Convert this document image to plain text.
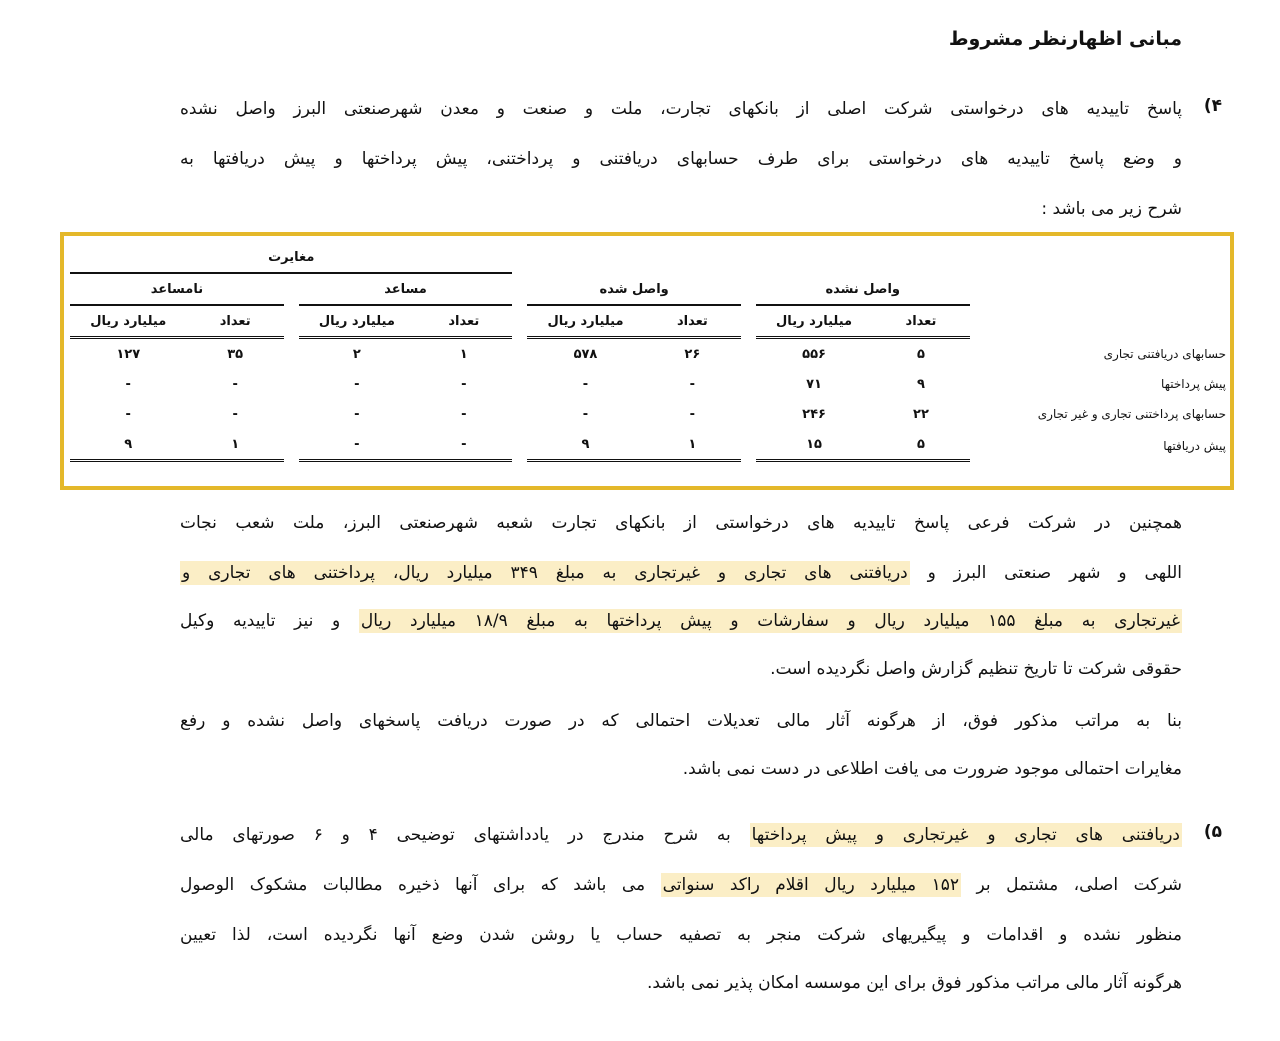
مبانی اظهارنظر مشروط
۴)
پاسخ تاییدیه های درخواستی شرکت اصلی از بانکهای تجارت، ملت و صنعت و معدن شهرصنعتی البرز واصل نشده
و وضع پاسخ تاییدیه های درخواستی برای طرف حسابهای دریافتنی و پرداختنی، پیش پرداختها و پیش دریافتها به
شرح زیر می باشد :
							مغایرت				
	واصل نشده			واصل شده			مساعد			نامساعد	
	تعداد	میلیارد ریال		تعداد	میلیارد ریال		تعداد	میلیارد ریال		تعداد	میلیارد ریال
حسابهای دریافتنی تجاری	۵	۵۵۶		۲۶	۵۷۸		۱	۲		۳۵	۱۲۷
پیش پرداختها	۹	۷۱		-	-		-	-		-	-
حسابهای پرداختنی تجاری و غیر تجاری	۲۲	۲۴۶		-	-		-	-		-	-
پیش دریافتها	۵	۱۵		۱	۹		-	-		۱	۹
همچنین در شرکت فرعی پاسخ تاییدیه های درخواستی از بانکهای تجارت شعبه شهرصنعتی البرز، ملت شعب نجات
اللهی و شهر صنعتی البرز و دریافتنی های تجاری و غیرتجاری به مبلغ ۳۴۹ میلیارد ریال، پرداختنی های تجاری و
غیرتجاری به مبلغ ۱۵۵ میلیارد ریال و سفارشات و پیش پرداختها به مبلغ ۱۸/۹ میلیارد ریال و نیز تاییدیه وکیل
حقوقی شرکت تا تاریخ تنظیم گزارش واصل نگردیده است.
بنا به مراتب مذکور فوق، از هرگونه آثار مالی تعدیلات احتمالی که در صورت دریافت پاسخهای واصل نشده و رفع
مغایرات احتمالی موجود ضرورت می یافت اطلاعی در دست نمی باشد.
۵)
دریافتنی های تجاری و غیرتجاری و پیش پرداختها به شرح مندرج در یادداشتهای توضیحی ۴ و ۶ صورتهای مالی
شرکت اصلی، مشتمل بر ۱۵۲ میلیارد ریال اقلام راکد سنواتی می باشد که برای آنها ذخیره مطالبات مشکوک الوصول
منظور نشده و اقدامات و پیگیریهای شرکت منجر به تصفیه حساب یا روشن شدن وضع آنها نگردیده است، لذا تعیین
هرگونه آثار مالی مراتب مذکور فوق برای این موسسه امکان پذیر نمی باشد.
